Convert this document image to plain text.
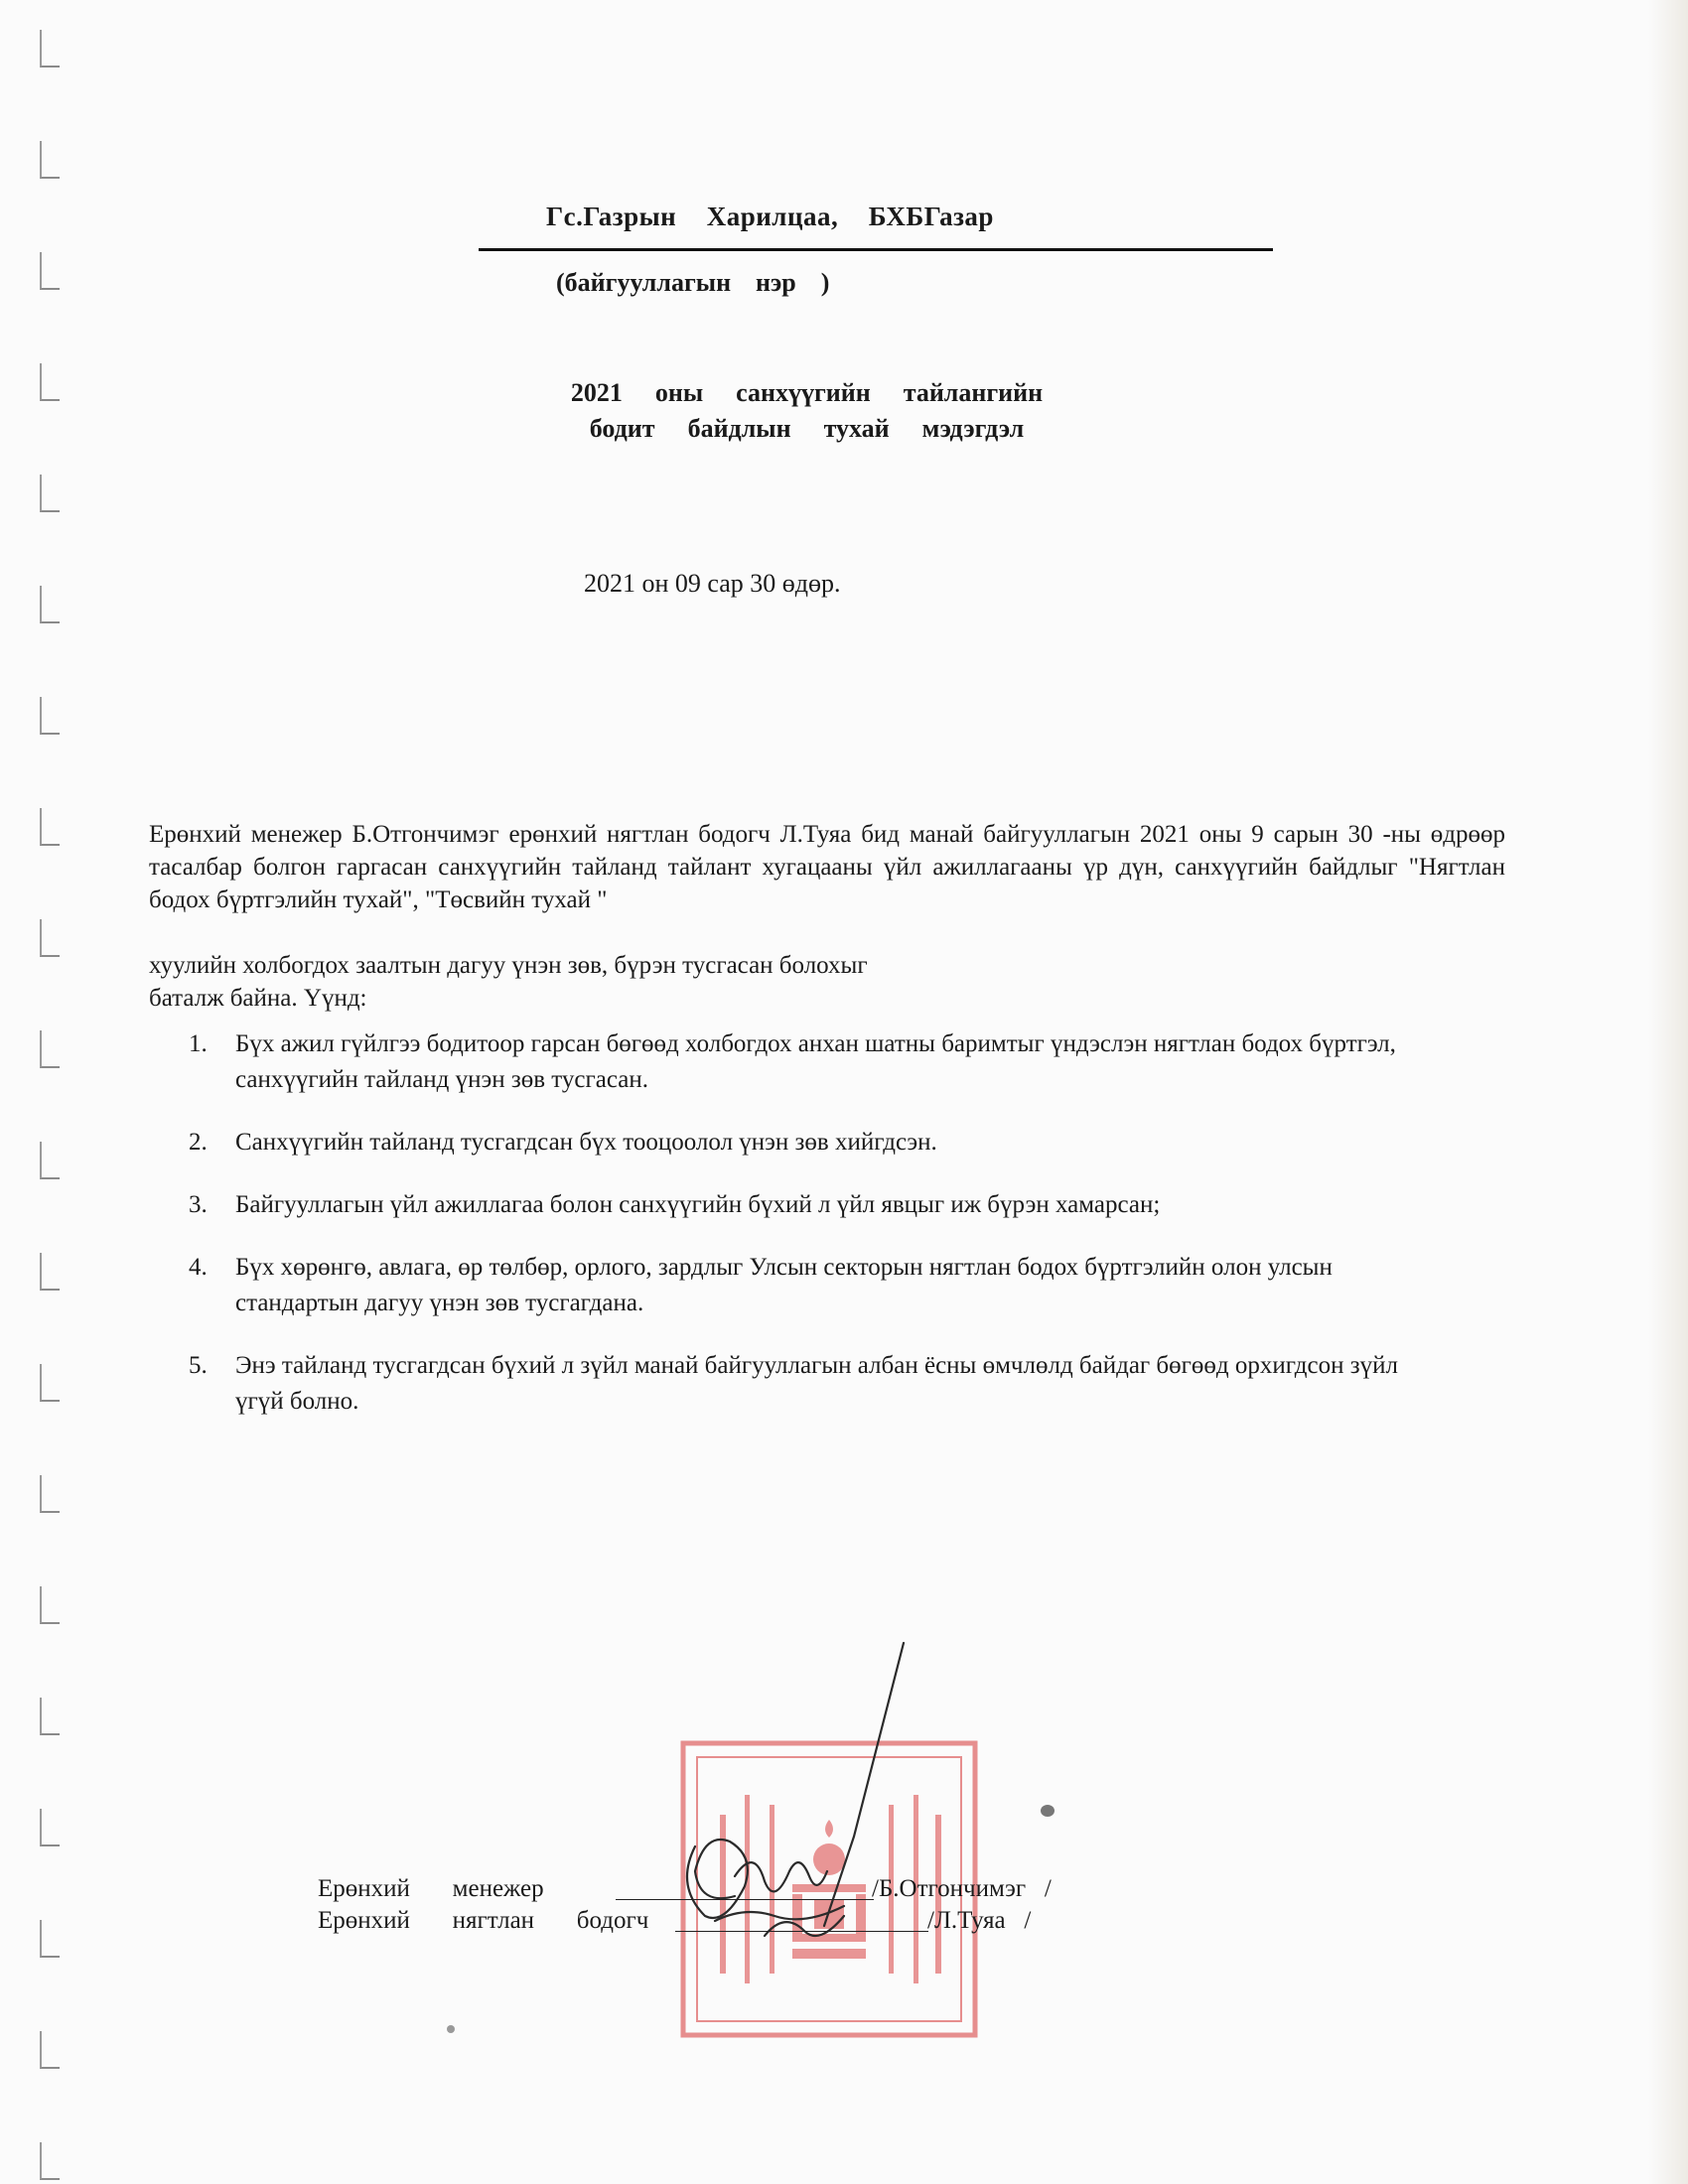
Гс.Газрын  Харилцаа,  БХБГазар
(байгууллагын  нэр  )
2021  оны  санхүүгийн  тайлангийн
бодит  байдлын  тухай  мэдэгдэл
2021 он 09 сар 30 өдөр.
Ерөнхий менежер Б.Отгончимэг ерөнхий нягтлан бодогч Л.Туяа бид манай байгууллагын 2021 оны 9 сарын 30 -ны өдрөөр тасалбар болгон гаргасан санхүүгийн тайланд тайлант хугацааны үйл ажиллагааны үр дүн, санхүүгийн байдлыг "Нягтлан бодох бүртгэлийн тухай", "Төсвийн тухай "
хуулийн холбогдох заалтын дагуу үнэн зөв, бүрэн тусгасан болохыг
баталж байна. Үүнд:
1. Бүх ажил гүйлгээ бодитоор гарсан бөгөөд холбогдох анхан шатны баримтыг үндэслэн нягтлан бодох бүртгэл, санхүүгийн тайланд үнэн зөв тусгасан.
2. Санхүүгийн тайланд тусгагдсан бүх тооцоолол үнэн зөв хийгдсэн.
3. Байгууллагын үйл ажиллагаа болон санхүүгийн бүхий л үйл явцыг иж бүрэн хамарсан;
4. Бүх хөрөнгө, авлага, өр төлбөр, орлого, зардлыг Улсын секторын нягтлан бодох бүртгэлийн олон улсын стандартын дагуу үнэн зөв тусгагдана.
5. Энэ тайланд тусгагдсан бүхий л зүйл манай байгууллагын албан ёсны өмчлөлд байдаг бөгөөд орхигдсон зүйл үгүй болно.
Ерөнхий   менежер	/Б.Отгончимэг   /
Ерөнхий   нягтлан   бодогч	/Л.Туяа   /
